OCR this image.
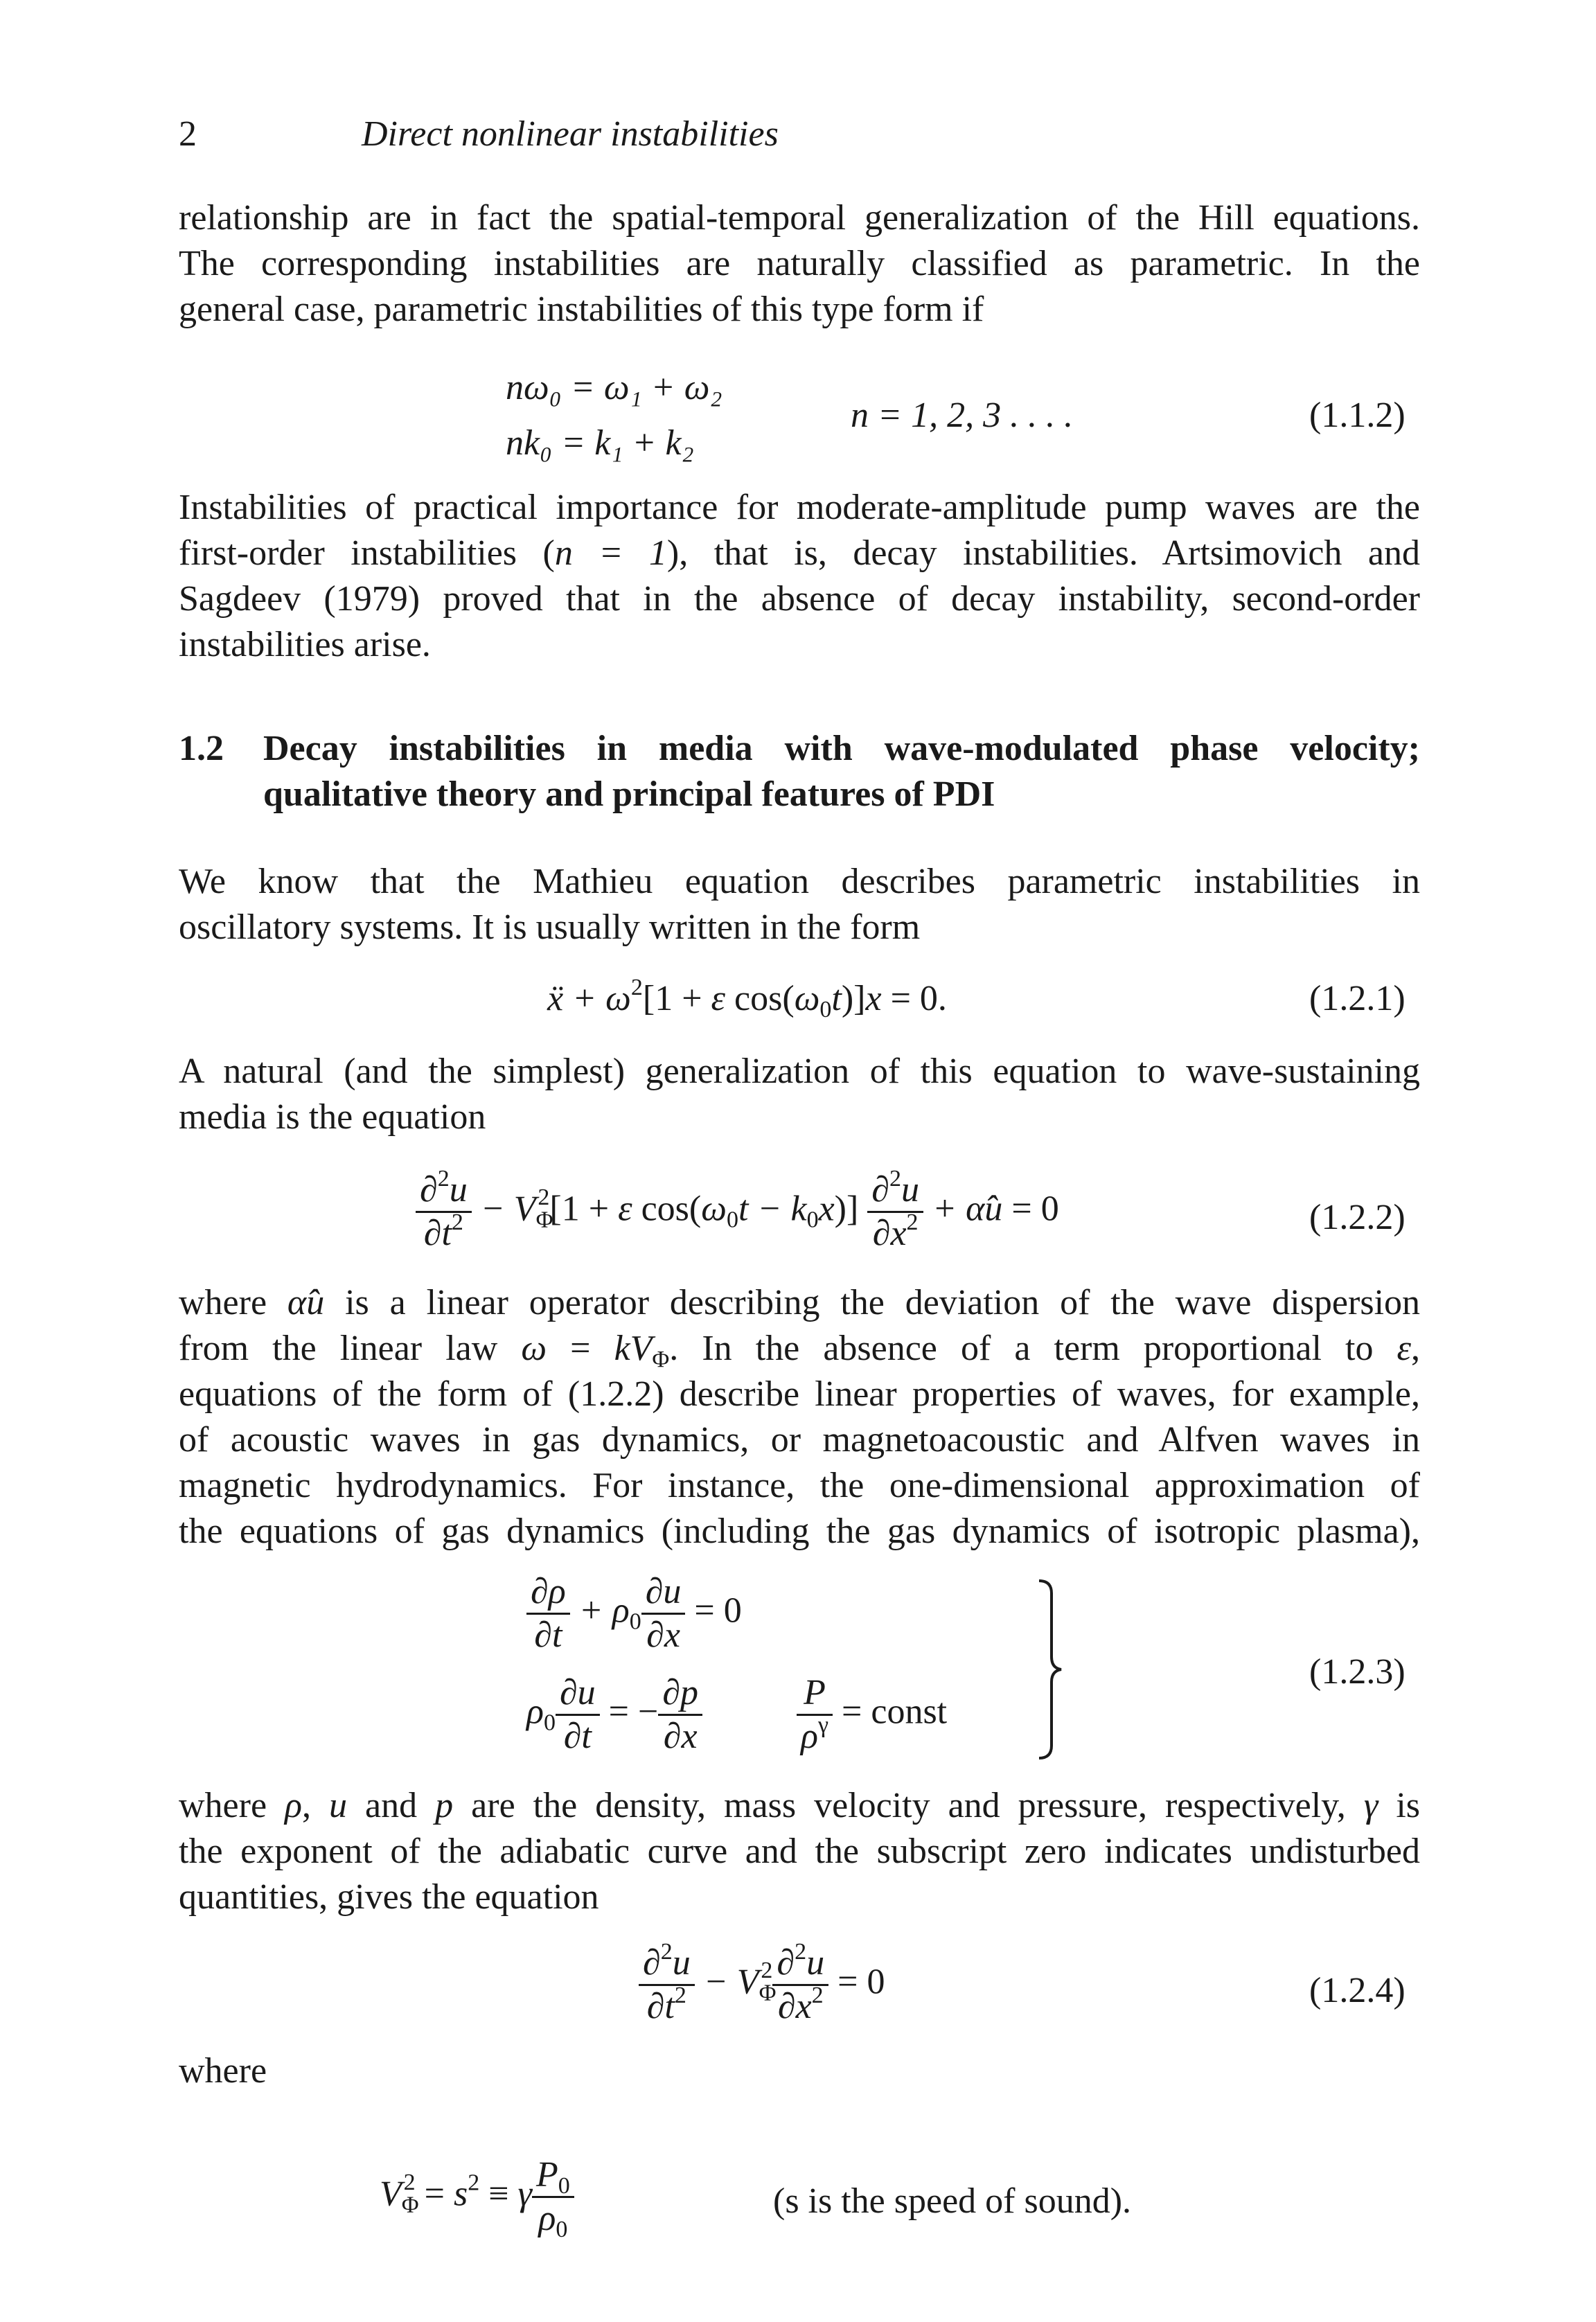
2	Direct nonlinear instabilities
relationship are in fact the spatial-temporal generalization of the Hill equations.
The corresponding instabilities are naturally classified as parametric. In the
general case, parametric instabilities of this type form if
nω₀ = ω₁ + ω₂
nk₀ = k₁ + k₂
n = 1, 2, 3 . . . .	(1.1.2)
Instabilities of practical importance for moderate-amplitude pump waves are the
first-order instabilities (n = 1), that is, decay instabilities. Artsimovich and
Sagdeev (1979) proved that in the absence of decay instability, second-order
instabilities arise.
1.2 Decay instabilities in media with wave-modulated phase velocity;
qualitative theory and principal features of PDI
We know that the Mathieu equation describes parametric instabilities in
oscillatory systems. It is usually written in the form
ẍ + $\omega^2[1 + \varepsilon$ $\cos(\omega_0t)]x = 0$.	(1.2.1)
A natural (and the simplest) generalization of this equation to wave-sustaining
media is the equation
$\frac{\partial^2u}{\partial t^2} - V_\Phi^2[1 + \varepsilon$ $\cos(\omega_0t - k_0x)] \frac{\partial^2u}{\partial x^2}$ + α̂u = 0	(1.2.2)
where α̂u is a linear operator describing the deviation of the wave dispersion
from the linear law $\omega = kV_\Phi$. In the absence of a term proportional to ε,
equations of the form of (1.2.2) describe linear properties of waves, for example,
of acoustic waves in gas dynamics, or magnetoacoustic and Alfven waves in
magnetic hydrodynamics. For instance, the one-dimensional approximation of
the equations of gas dynamics (including the gas dynamics of isotropic plasma),
$\frac{\partial\rho}{\partial t} + \rho_0 \frac{\partial u}{\partial x} = 0$
$\rho_0 \frac{\partial u}{\partial t}$ = − $\frac{\partial p}{\partial x}$
	$\frac{P}{\rho^\gamma}$ = const
(1.2.3)
where ρ, u and p are the density, mass velocity and pressure, respectively, γ is
the exponent of the adiabatic curve and the subscript zero indicates undisturbed
quantities, gives the equation
$\frac{\partial^2u}{\partial t^2} - V_\Phi^2 \frac{\partial^2u}{\partial x^2} = 0$	(1.2.4)
where
$V_\Phi^2 = s^2 \equiv \gamma \frac{P_0}{\rho_0}$	(s is the speed of sound).
